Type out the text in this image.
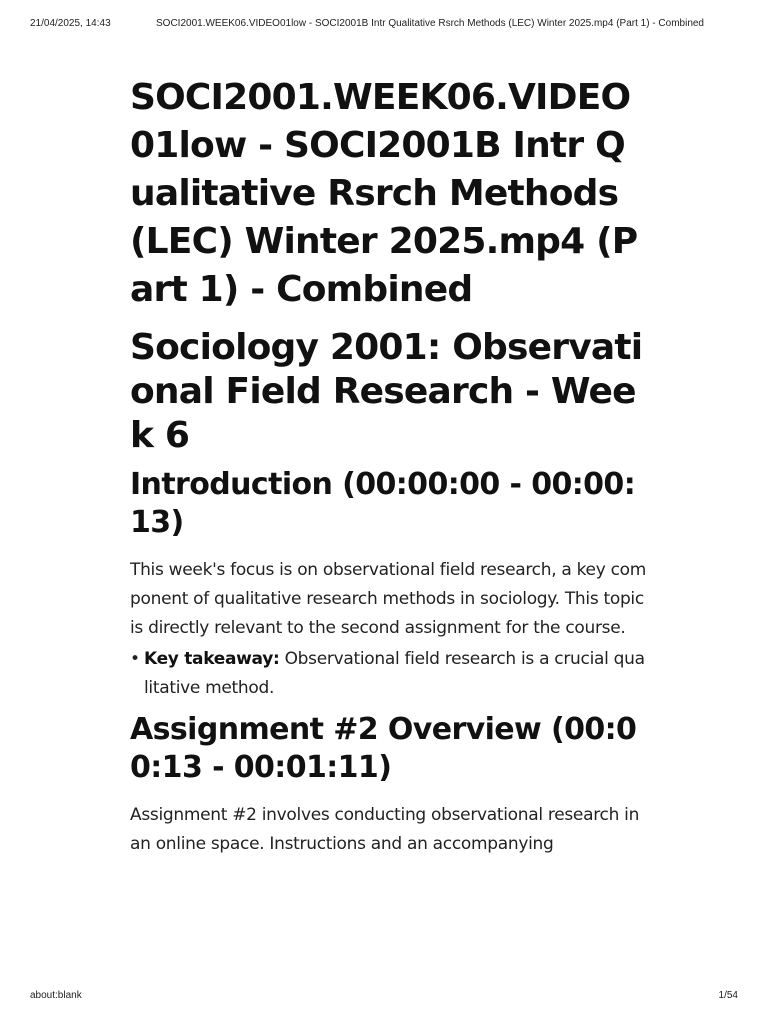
21/04/2025, 14:43	SOCI2001.WEEK06.VIDEO01low - SOCI2001B Intr Qualitative Rsrch Methods (LEC) Winter 2025.mp4 (Part 1) - Combined
SOCI2001.WEEK06.VIDEO01low - SOCI2001B Intr Qualitative Rsrch Methods (LEC) Winter 2025.mp4 (Part 1) - Combined
Sociology 2001: Observational Field Research - Week 6
Introduction (00:00:00 - 00:00:13)

This week's focus is on observational field research, a key component of qualitative research methods in sociology. This topic is directly relevant to the second assignment for the course.

• Key takeaway: Observational field research is a crucial qualitative method.
Assignment #2 Overview (00:00:13 - 00:01:11)

Assignment #2 involves conducting observational research in an online space. Instructions and an accompanying

about:blank	1/54
